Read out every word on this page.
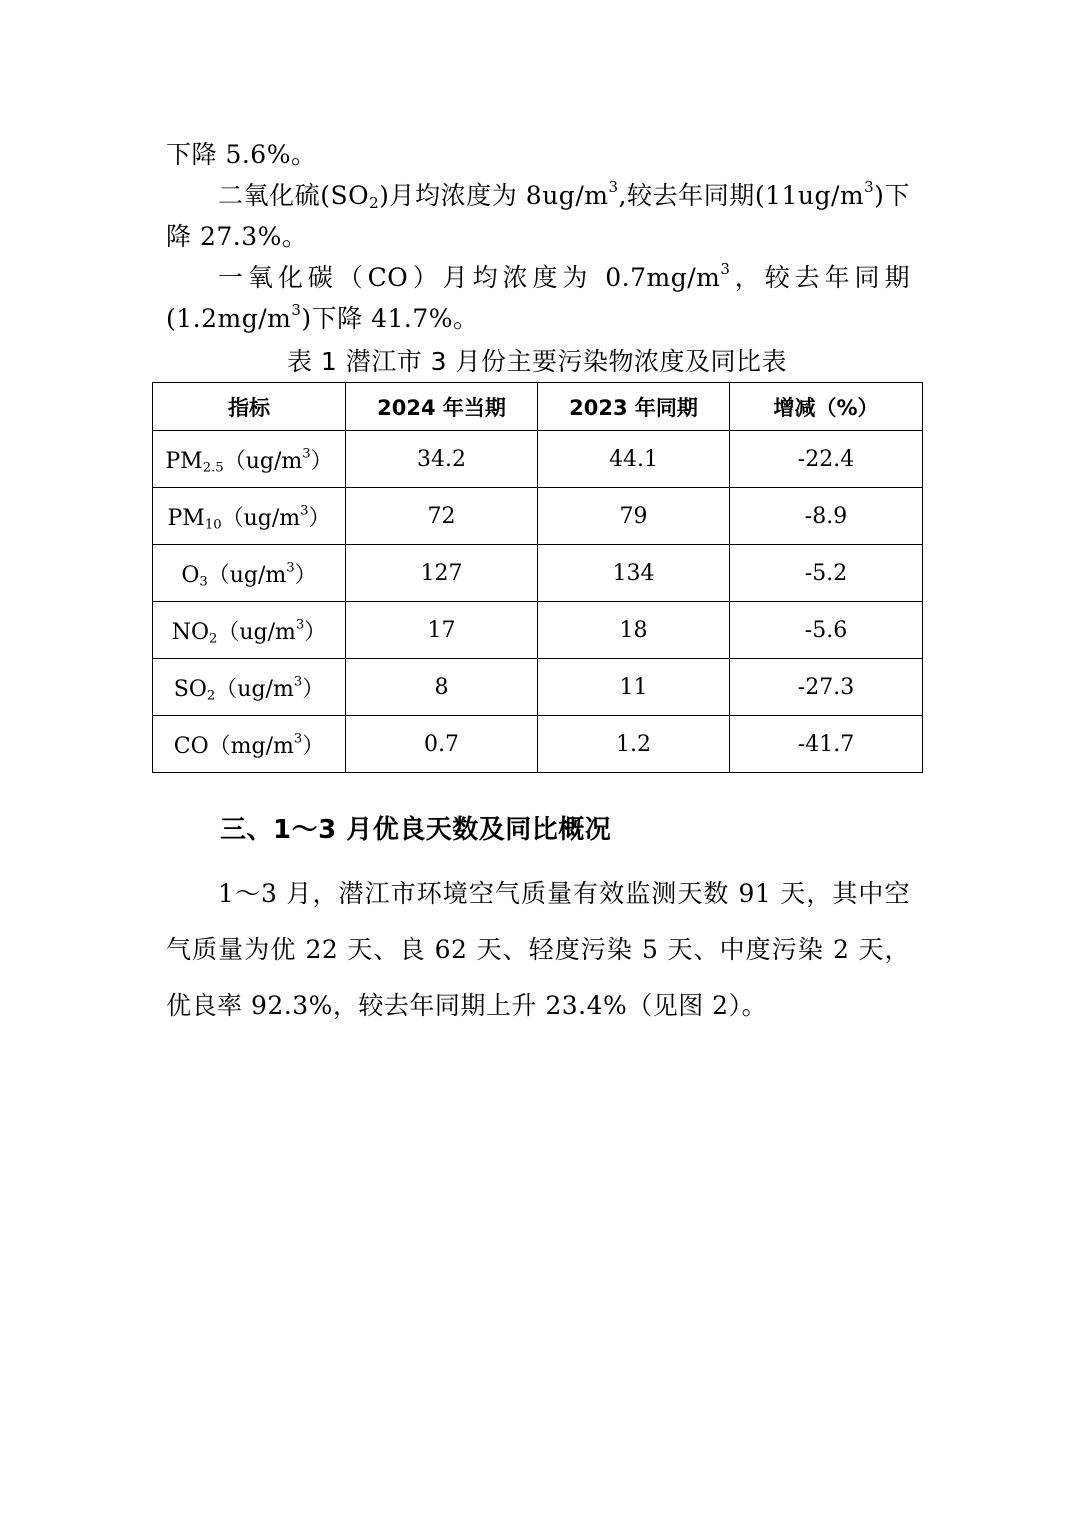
下降 5.6%。

二氧化硫$(SO_2)$月均浓度为 $8ug/m^3$,较去年同期$(11ug/m^3)$下降 27.3%。

一氧化碳（CO）月均浓度为 $0.7mg/m^3$，较去年同期$(1.2mg/m^3)$下降 41.7%。

表 1 潜江市 3 月份主要污染物浓度及同比表
指标	2024 年当期	2023 年同期	增减（%）
$PM_{2.5}(ug/m^3)$	34.2	44.1	-22.4
$PM_{10}(ug/m^3)$	72	79	-8.9
$O_3(ug/m^3)$	127	134	-5.2
$NO_2(ug/m^3)$	17	18	-5.6
$SO_2(ug/m^3)$	8	11	-27.3
$CO(mg/m^3)$	0.7	1.2	-41.7
三、1～3 月优良天数及同比概况

1～3 月，潜江市环境空气质量有效监测天数 91 天，其中空气质量为优 22 天、良 62 天、轻度污染 5 天、中度污染 2 天，优良率 92.3%，较去年同期上升 23.4%（见图 2）。
